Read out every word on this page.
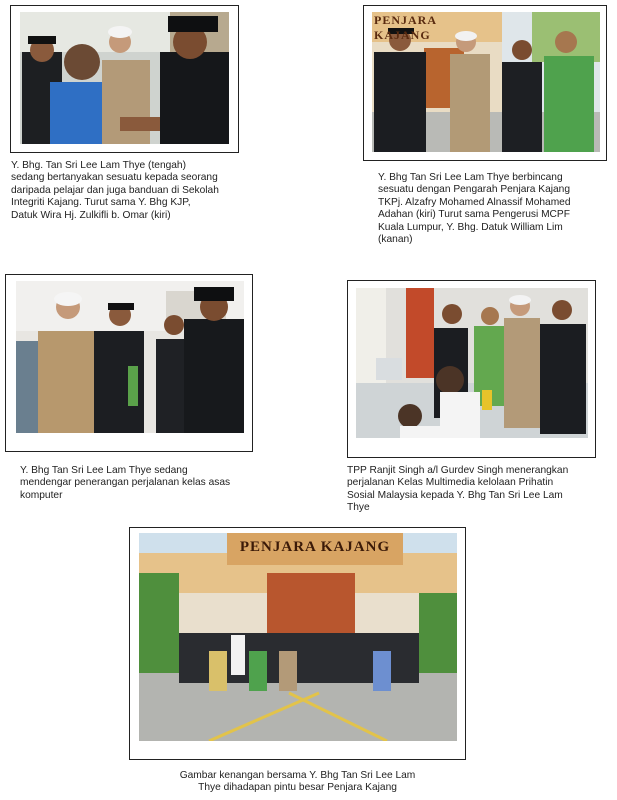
Y. Bhg. Tan Sri Lee Lam Thye (tengah)
sedang bertanyakan sesuatu kepada seorang
daripada pelajar dan juga banduan di Sekolah
Integriti Kajang. Turut sama Y. Bhg KJP,
Datuk Wira Hj. Zulkifli b. Omar (kiri)

PENJARA KAJANG

Y. Bhg Tan Sri Lee Lam Thye berbincang
sesuatu dengan Pengarah Penjara Kajang
TKPj. Alzafry Mohamed Alnassif Mohamed
Adahan (kiri) Turut sama Pengerusi MCPF
Kuala Lumpur, Y. Bhg. Datuk William Lim
(kanan)

Y. Bhg Tan Sri Lee Lam Thye sedang
mendengar penerangan perjalanan kelas asas
komputer

TPP Ranjit Singh a/l Gurdev Singh menerangkan
perjalanan Kelas Multimedia kelolaan Prihatin
Sosial Malaysia kepada Y. Bhg Tan Sri Lee Lam
Thye

PENJARA KAJANG

Gambar kenangan bersama Y. Bhg Tan Sri Lee Lam
Thye dihadapan pintu besar Penjara Kajang
